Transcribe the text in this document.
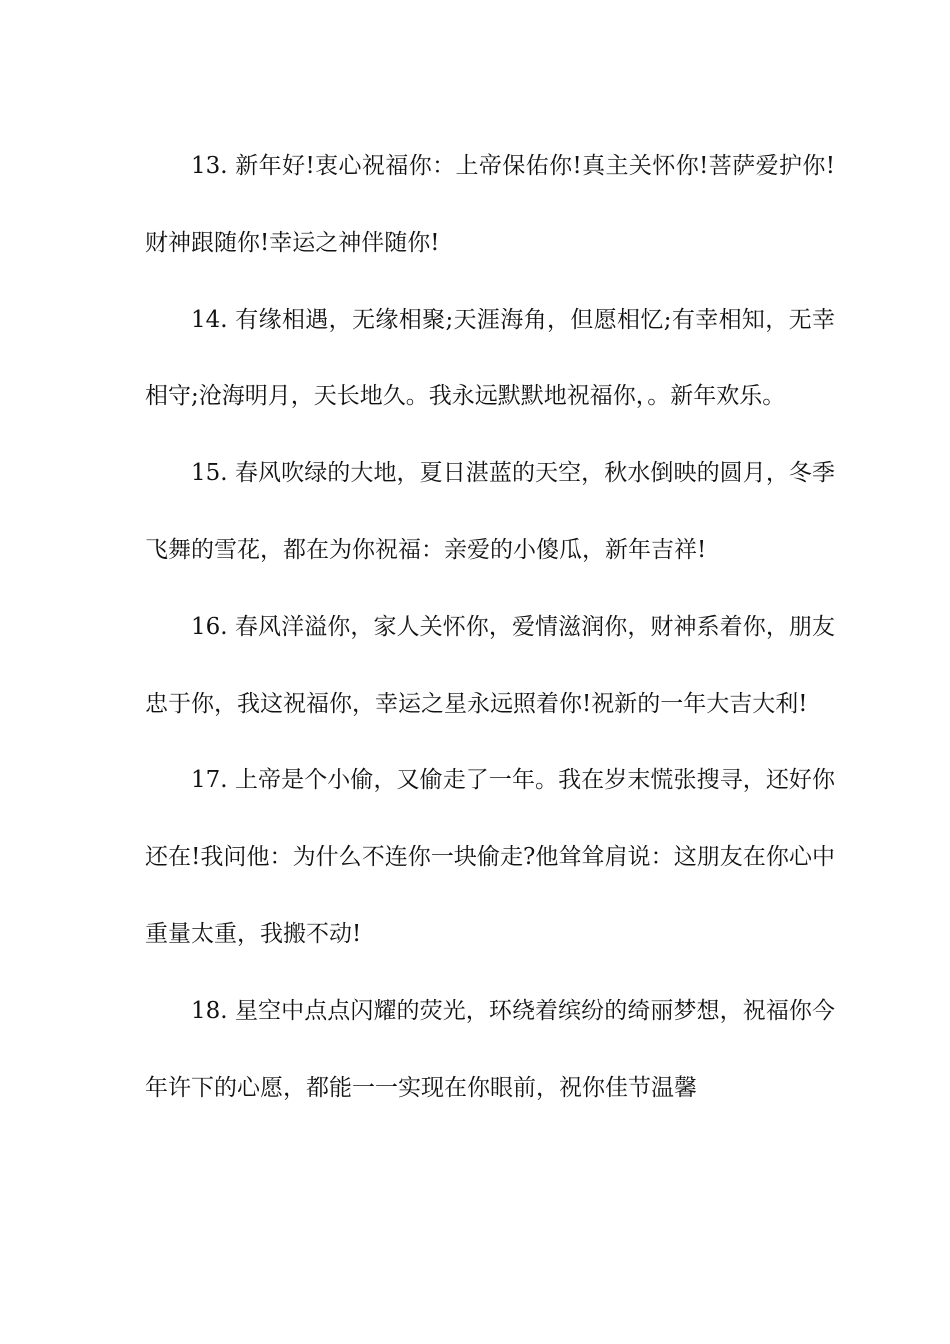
13. 新年好!衷心祝福你：上帝保佑你!真主关怀你!菩萨爱护你!财神跟随你!幸运之神伴随你!

14. 有缘相遇，无缘相聚;天涯海角，但愿相忆;有幸相知，无幸相守;沧海明月，天长地久。我永远默默地祝福你，。新年欢乐。

15. 春风吹绿的大地，夏日湛蓝的天空，秋水倒映的圆月，冬季飞舞的雪花，都在为你祝福：亲爱的小傻瓜，新年吉祥!

16. 春风洋溢你，家人关怀你，爱情滋润你，财神系着你，朋友忠于你，我这祝福你，幸运之星永远照着你!祝新的一年大吉大利!

17. 上帝是个小偷，又偷走了一年。我在岁末慌张搜寻，还好你还在!我问他：为什么不连你一块偷走?他耸耸肩说：这朋友在你心中重量太重，我搬不动!

18. 星空中点点闪耀的荧光，环绕着缤纷的绮丽梦想，祝福你今年许下的心愿，都能一一实现在你眼前，祝你佳节温馨
